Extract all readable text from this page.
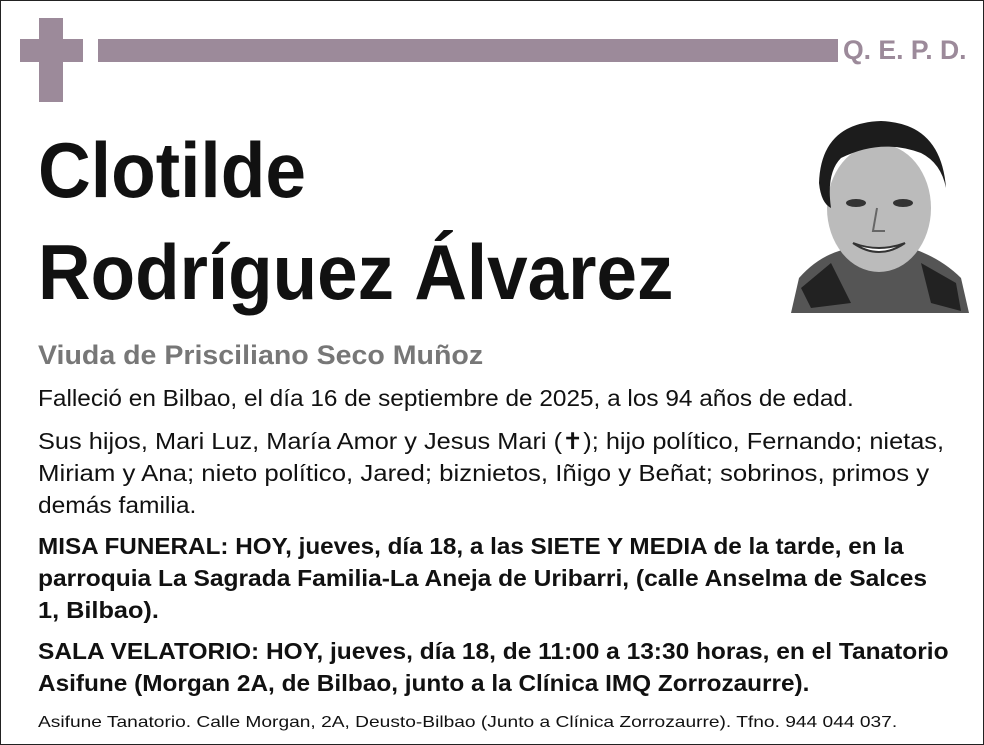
Q. E. P. D.
Clotilde
Rodríguez Álvarez
Viuda de Prisciliano Seco Muñoz
Falleció en Bilbao, el día 16 de septiembre de 2025, a los 94 años de edad.
Sus hijos, Mari Luz, María Amor y Jesus Mari (✝); hijo político, Fernando; nietas,
Miriam y Ana; nieto político, Jared; biznietos, Iñigo y Beñat; sobrinos, primos y
demás familia.
MISA FUNERAL: HOY, jueves, día 18, a las SIETE Y MEDIA de la tarde, en la
parroquia La Sagrada Familia-La Aneja de Uribarri, (calle Anselma de Salces
1, Bilbao).
SALA VELATORIO: HOY, jueves, día 18, de 11:00 a 13:30 horas, en el Tanatorio
Asifune (Morgan 2A, de Bilbao, junto a la Clínica IMQ Zorrozaurre).
Asifune Tanatorio. Calle Morgan, 2A, Deusto-Bilbao (Junto a Clínica Zorrozaurre). Tfno. 944 044 037.
